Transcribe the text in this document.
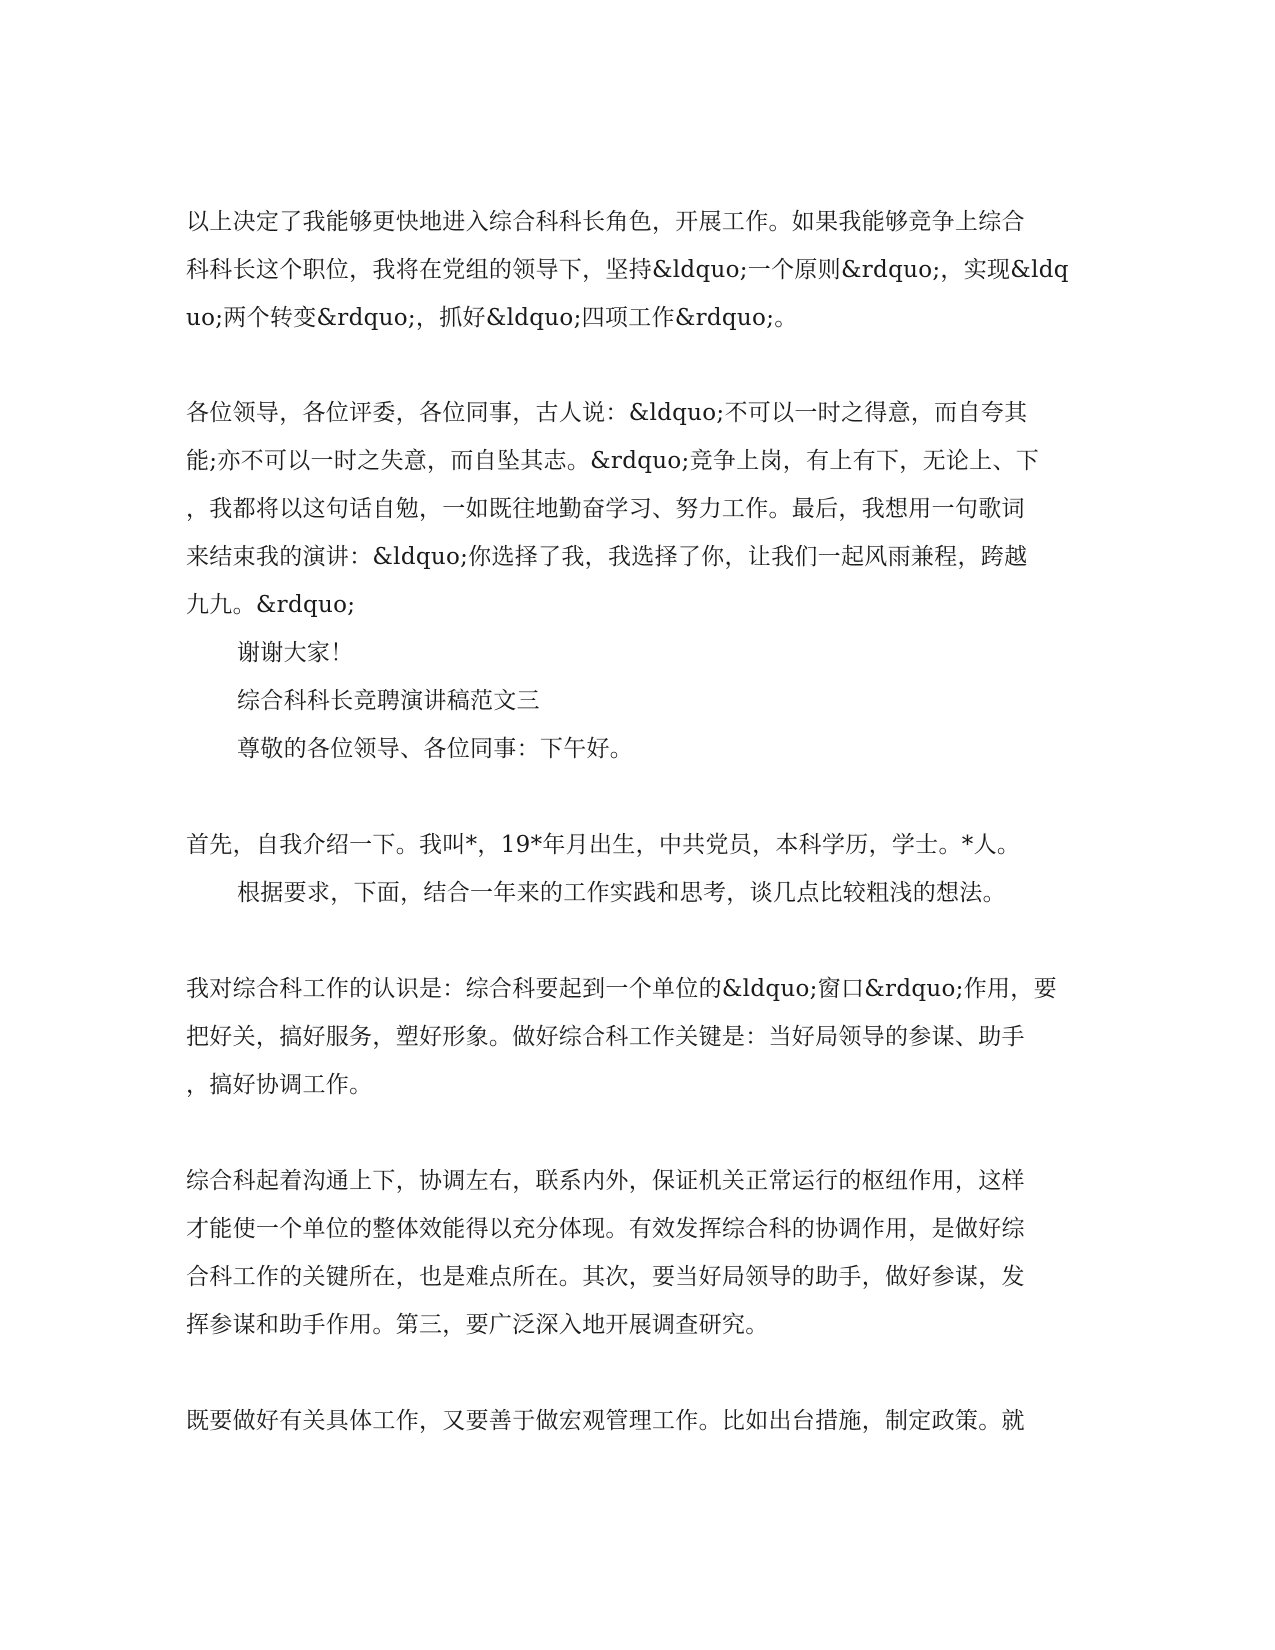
以上决定了我能够更快地进入综合科科长角色，开展工作。如果我能够竞争上综合
科科长这个职位，我将在党组的领导下，坚持&ldquo;一个原则&rdquo;，实现&ldq
uo;两个转变&rdquo;，抓好&ldquo;四项工作&rdquo;。
各位领导，各位评委，各位同事，古人说：&ldquo;不可以一时之得意，而自夸其
能;亦不可以一时之失意，而自坠其志。&rdquo;竞争上岗，有上有下，无论上、下
，我都将以这句话自勉，一如既往地勤奋学习、努力工作。最后，我想用一句歌词
来结束我的演讲：&ldquo;你选择了我，我选择了你，让我们一起风雨兼程，跨越
九九。&rdquo;
谢谢大家！
综合科科长竞聘演讲稿范文三
尊敬的各位领导、各位同事：下午好。
首先，自我介绍一下。我叫*，19*年月出生，中共党员，本科学历，学士。*人。
根据要求，下面，结合一年来的工作实践和思考，谈几点比较粗浅的想法。
我对综合科工作的认识是：综合科要起到一个单位的&ldquo;窗口&rdquo;作用，要
把好关，搞好服务，塑好形象。做好综合科工作关键是：当好局领导的参谋、助手
，搞好协调工作。
综合科起着沟通上下，协调左右，联系内外，保证机关正常运行的枢纽作用，这样
才能使一个单位的整体效能得以充分体现。有效发挥综合科的协调作用，是做好综
合科工作的关键所在，也是难点所在。其次，要当好局领导的助手，做好参谋，发
挥参谋和助手作用。第三，要广泛深入地开展调查研究。
既要做好有关具体工作，又要善于做宏观管理工作。比如出台措施，制定政策。就
